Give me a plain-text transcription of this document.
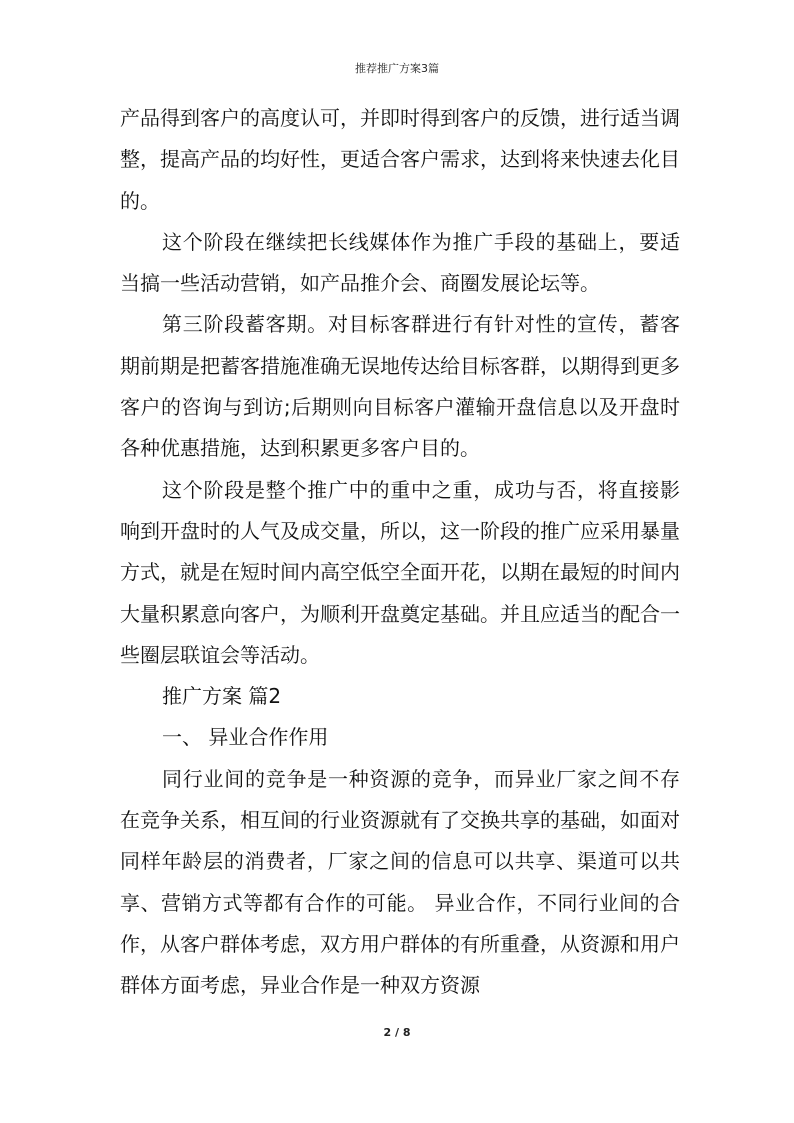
推荐推广方案3篇

产品得到客户的高度认可，并即时得到客户的反馈，进行适当调整，提高产品的均好性，更适合客户需求，达到将来快速去化目的。

这个阶段在继续把长线媒体作为推广手段的基础上，要适当搞一些活动营销，如产品推介会、商圈发展论坛等。

第三阶段蓄客期。对目标客群进行有针对性的宣传，蓄客期前期是把蓄客措施准确无误地传达给目标客群，以期得到更多客户的咨询与到访;后期则向目标客户灌输开盘信息以及开盘时各种优惠措施，达到积累更多客户目的。

这个阶段是整个推广中的重中之重，成功与否，将直接影响到开盘时的人气及成交量，所以，这一阶段的推广应采用暴量方式，就是在短时间内高空低空全面开花，以期在最短的时间内大量积累意向客户，为顺利开盘奠定基础。并且应适当的配合一些圈层联谊会等活动。

推广方案 篇2

一、 异业合作作用

同行业间的竞争是一种资源的竞争，而异业厂家之间不存在竞争关系，相互间的行业资源就有了交换共享的基础，如面对同样年龄层的消费者，厂家之间的信息可以共享、渠道可以共享、营销方式等都有合作的可能。 异业合作，不同行业间的合作，从客户群体考虑，双方用户群体的有所重叠，从资源和用户群体方面考虑，异业合作是一种双方资源

2 / 8
